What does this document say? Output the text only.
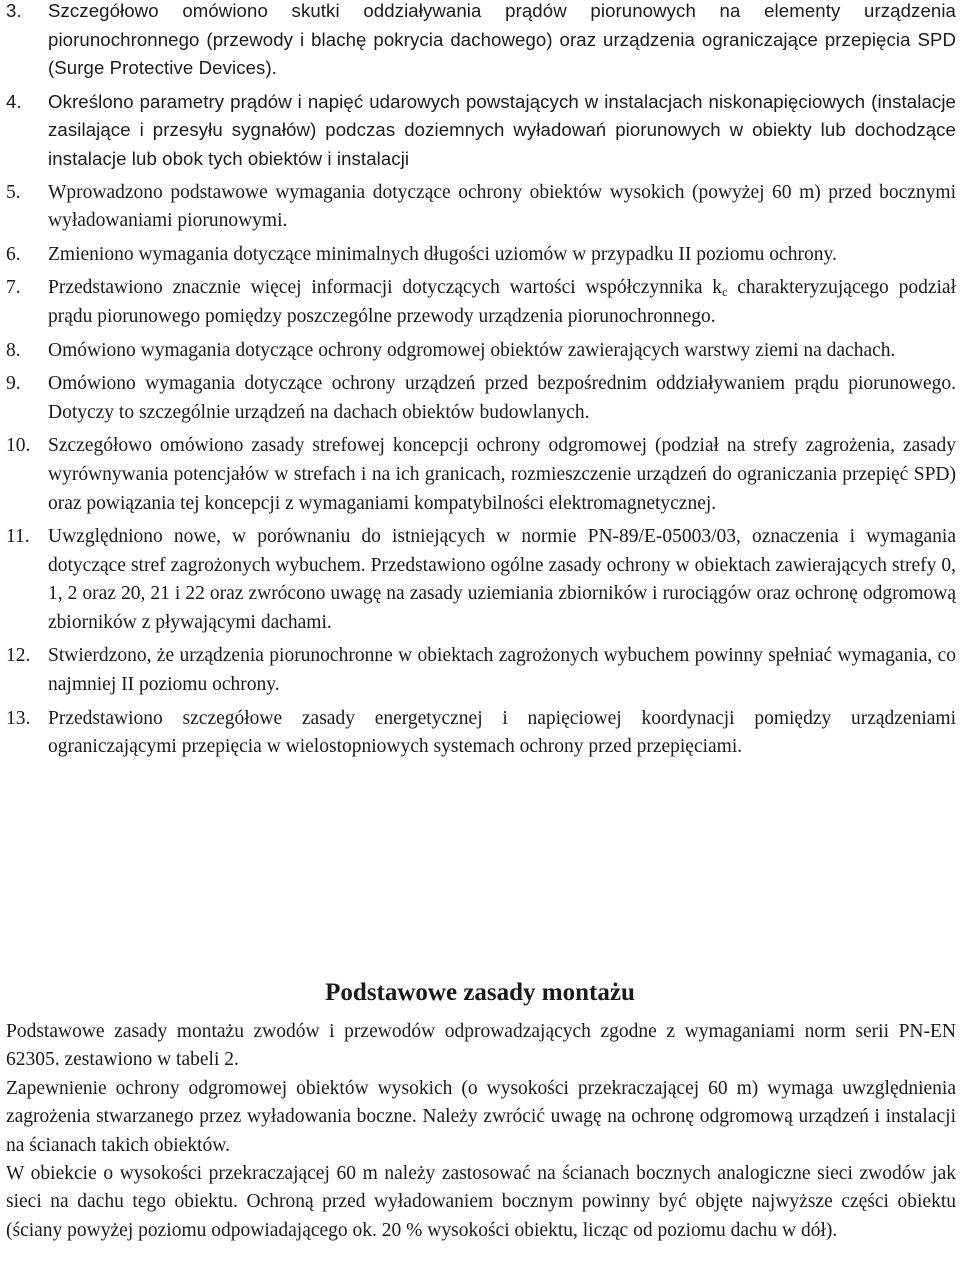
3.	Szczegółowo omówiono skutki oddziaływania prądów piorunowych na elementy urządzenia piorunochronnego (przewody i blachę pokrycia dachowego) oraz urządzenia ograniczające przepięcia SPD (Surge Protective Devices).
4.	Określono parametry prądów i napięć udarowych powstających w instalacjach niskonapięciowych (instalacje zasilające i przesyłu sygnałów) podczas doziemnych wyładowań piorunowych w obiekty lub dochodzące instalacje lub obok tych obiektów i instalacji
5.	Wprowadzono podstawowe wymagania dotyczące ochrony obiektów wysokich (powyżej 60 m) przed bocznymi wyładowaniami piorunowymi.
6.	Zmieniono wymagania dotyczące minimalnych długości uziomów w przypadku II poziomu ochrony.
7.	Przedstawiono znacznie więcej informacji dotyczących wartości współczynnika $k_c$ charakteryzującego podział prądu piorunowego pomiędzy poszczególne przewody urządzenia piorunochronnego.
8.	Omówiono wymagania dotyczące ochrony odgromowej obiektów zawierających warstwy ziemi na dachach.
9.	Omówiono wymagania dotyczące ochrony urządzeń przed bezpośrednim oddziaływaniem prądu piorunowego. Dotyczy to szczególnie urządzeń na dachach obiektów budowlanych.
10. Szczegółowo omówiono zasady strefowej koncepcji ochrony odgromowej (podział na strefy zagrożenia, zasady wyrównywania potencjałów w strefach i na ich granicach, rozmieszczenie urządzeń do ograniczania przepięć SPD) oraz powiązania tej koncepcji z wymaganiami kompatybilności elektromagnetycznej.
11. Uwzględniono nowe, w porównaniu do istniejących w normie PN-89/E-05003/03, oznaczenia i wymagania dotyczące stref zagrożonych wybuchem. Przedstawiono ogólne zasady ochrony w obiektach zawierających strefy 0, 1, 2 oraz 20, 21 i 22 oraz zwrócono uwagę na zasady uziemiania zbiorników i rurociągów oraz ochronę odgromową zbiorników z pływającymi dachami.
12. Stwierdzono, że urządzenia piorunochronne w obiektach zagrożonych wybuchem powinny spełniać wymagania, co najmniej II poziomu ochrony.
13. Przedstawiono szczegółowe zasady energetycznej i napięciowej koordynacji pomiędzy urządzeniami ograniczającymi przepięcia w wielostopniowych systemach ochrony przed przepięciami.
Podstawowe zasady montażu

Podstawowe zasady montażu zwodów i przewodów odprowadzających zgodne z wymaganiami norm serii PN-EN 62305. zestawiono w tabeli 2.

Zapewnienie ochrony odgromowej obiektów wysokich (o wysokości przekraczającej 60 m) wymaga uwzględnienia zagrożenia stwarzanego przez wyładowania boczne. Należy zwrócić uwagę na ochronę odgromową urządzeń i instalacji na ścianach takich obiektów.

W obiekcie o wysokości przekraczającej 60 m należy zastosować na ścianach bocznych analogiczne sieci zwodów jak sieci na dachu tego obiektu. Ochroną przed wyładowaniem bocznym powinny być objęte najwyższe części obiektu (ściany powyżej poziomu odpowiadającego ok. 20 % wysokości obiektu, licząc od poziomu dachu w dół).
